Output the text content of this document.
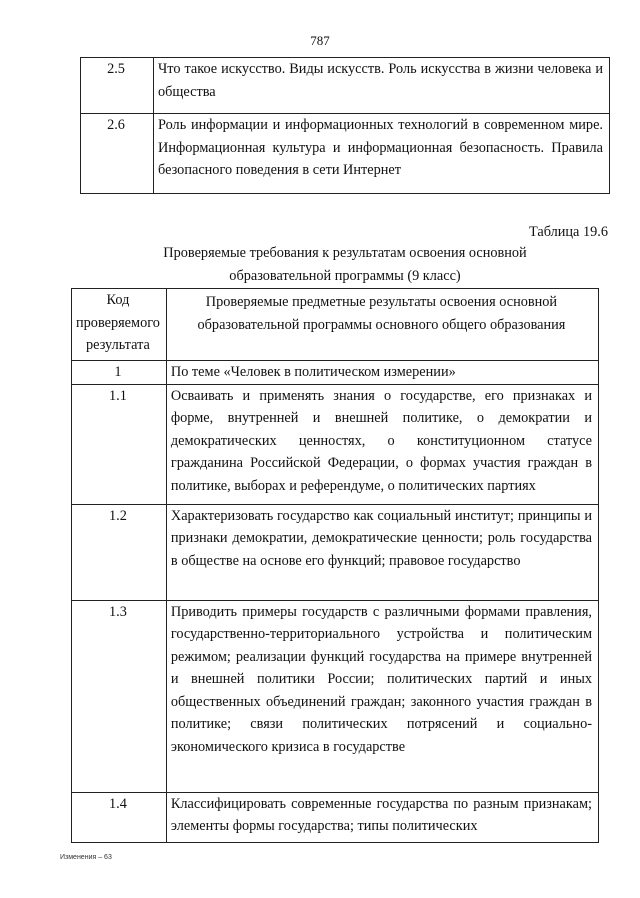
787
2.5	Что такое искусство. Виды искусств. Роль искусства в жизни человека и общества
2.6	Роль информации и информационных технологий в современном мире. Информационная культура и информационная безопасность. Правила безопасного поведения в сети Интернет
Таблица 19.6
Проверяемые требования к результатам освоения основной
образовательной программы (9 класс)
Код проверяемого результата	Проверяемые предметные результаты освоения основной образовательной программы основного общего образования
1	По теме «Человек в политическом измерении»
1.1	Осваивать и применять знания о государстве, его признаках и форме, внутренней и внешней политике, о демократии и демократических ценностях, о конституционном статусе гражданина Российской Федерации, о формах участия граждан в политике, выборах и референдуме, о политических партиях
1.2	Характеризовать государство как социальный институт; принципы и признаки демократии, демократические ценности; роль государства в обществе на основе его функций; правовое государство
1.3	Приводить примеры государств с различными формами правления, государственно-территориального устройства и политическим режимом; реализации функций государства на примере внутренней и внешней политики России; политических партий и иных общественных объединений граждан; законного участия граждан в политике; связи политических потрясений и социально-экономического кризиса в государстве
1.4	Классифицировать современные государства по разным признакам; элементы формы государства; типы политических
Изменения – 63
